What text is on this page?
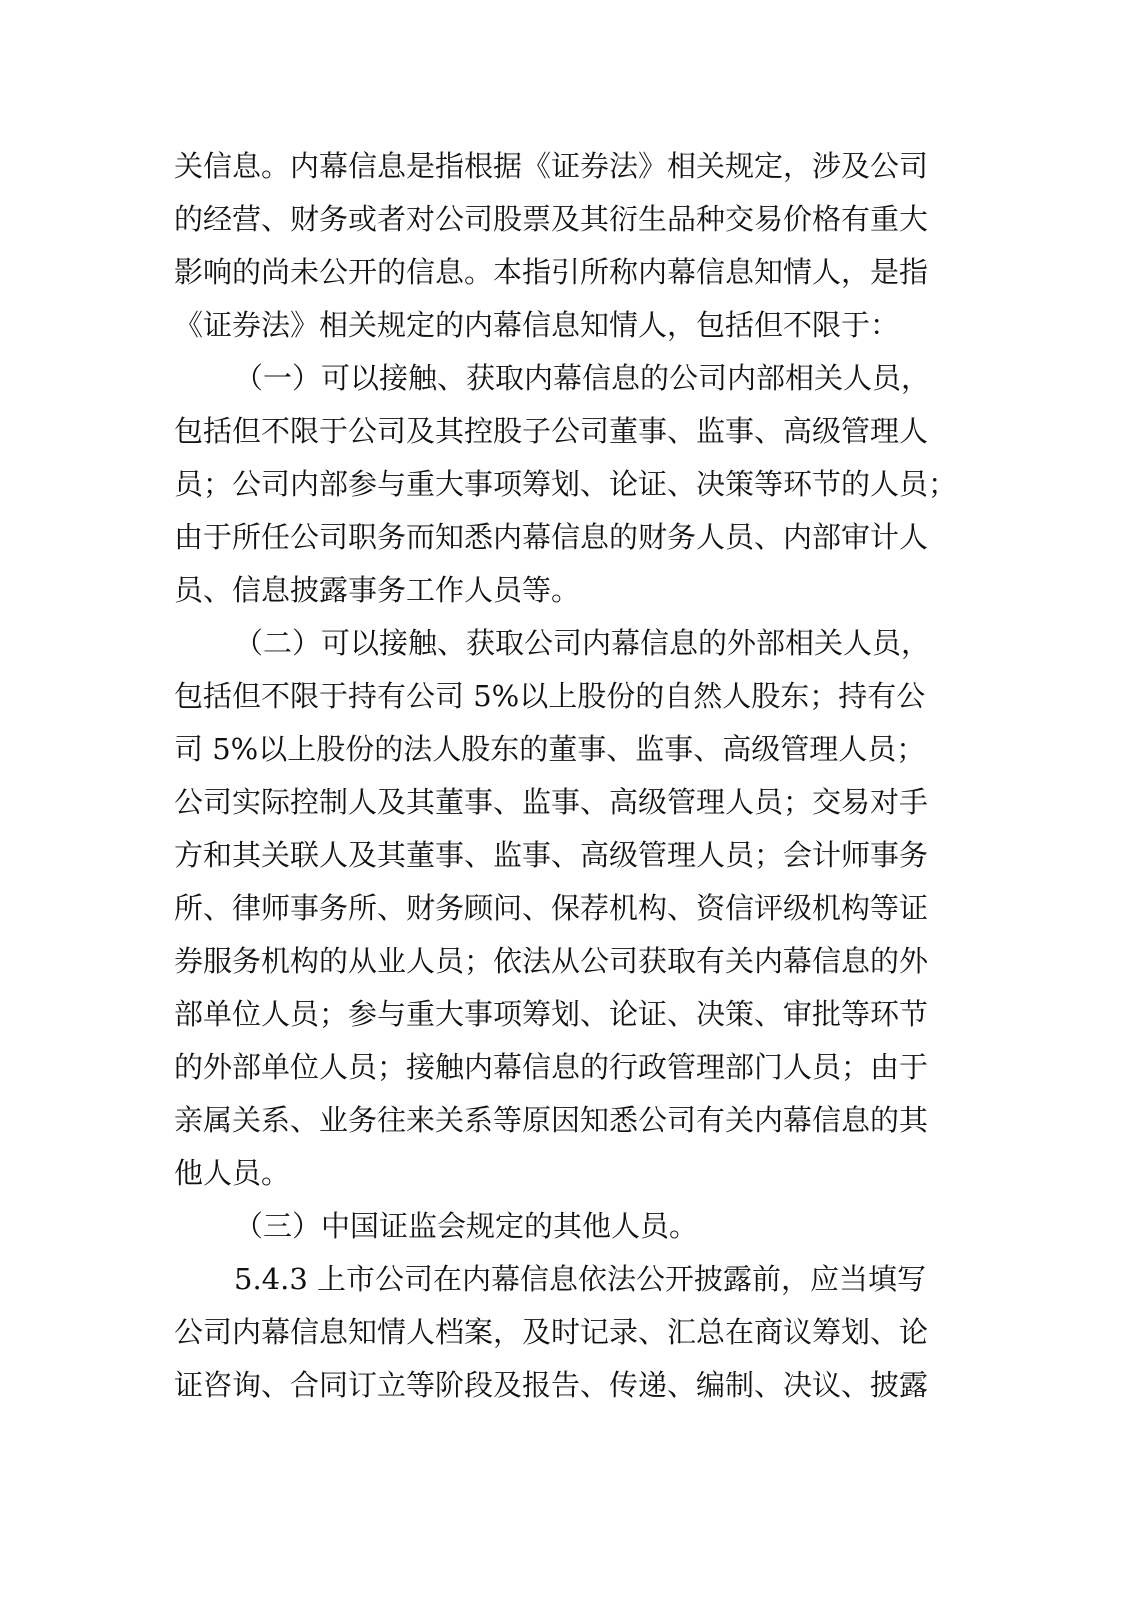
关信息。内幕信息是指根据《证券法》相关规定，涉及公司
的经营、财务或者对公司股票及其衍生品种交易价格有重大
影响的尚未公开的信息。本指引所称内幕信息知情人，是指
《证券法》相关规定的内幕信息知情人，包括但不限于：
（一）可以接触、获取内幕信息的公司内部相关人员，
包括但不限于公司及其控股子公司董事、监事、高级管理人
员；公司内部参与重大事项筹划、论证、决策等环节的人员；
由于所任公司职务而知悉内幕信息的财务人员、内部审计人
员、信息披露事务工作人员等。
（二）可以接触、获取公司内幕信息的外部相关人员，
包括但不限于持有公司 5%以上股份的自然人股东；持有公
司 5%以上股份的法人股东的董事、监事、高级管理人员；
公司实际控制人及其董事、监事、高级管理人员；交易对手
方和其关联人及其董事、监事、高级管理人员；会计师事务
所、律师事务所、财务顾问、保荐机构、资信评级机构等证
券服务机构的从业人员；依法从公司获取有关内幕信息的外
部单位人员；参与重大事项筹划、论证、决策、审批等环节
的外部单位人员；接触内幕信息的行政管理部门人员；由于
亲属关系、业务往来关系等原因知悉公司有关内幕信息的其
他人员。
（三）中国证监会规定的其他人员。
5.4.3 上市公司在内幕信息依法公开披露前，应当填写
公司内幕信息知情人档案，及时记录、汇总在商议筹划、论
证咨询、合同订立等阶段及报告、传递、编制、决议、披露
